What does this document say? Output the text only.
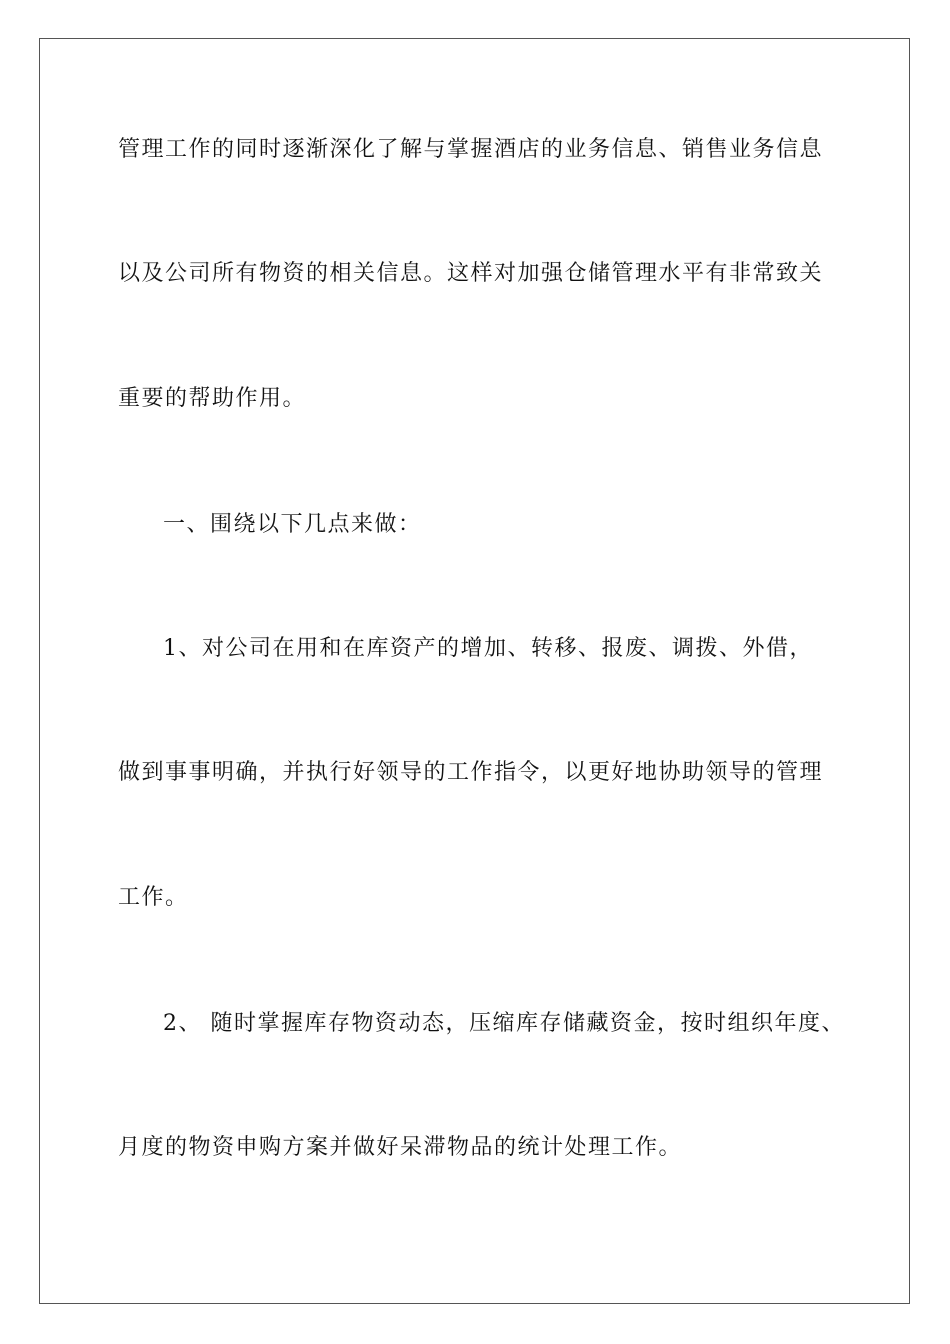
管理工作的同时逐渐深化了解与掌握酒店的业务信息、销售业务信息
以及公司所有物资的相关信息。这样对加强仓储管理水平有非常致关
重要的帮助作用。
一、围绕以下几点来做：
1、对公司在用和在库资产的增加、转移、报废、调拨、外借，
做到事事明确，并执行好领导的工作指令，以更好地协助领导的管理
工作。
2、 随时掌握库存物资动态，压缩库存储藏资金，按时组织年度、
月度的物资申购方案并做好呆滞物品的统计处理工作。
